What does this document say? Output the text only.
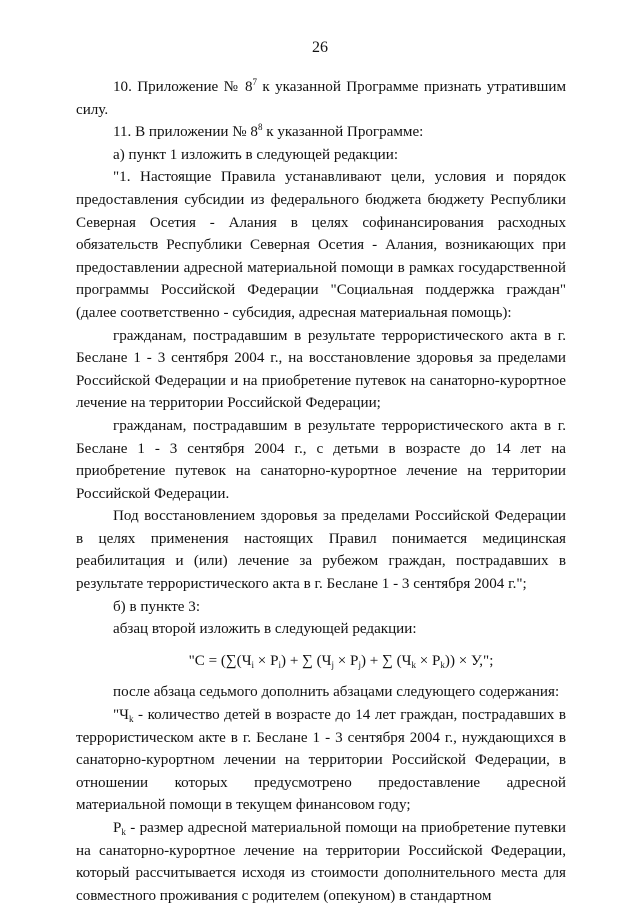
26

10. Приложение № $8^7$ к указанной Программе признать утратившим силу.

11. В приложении № $8^8$ к указанной Программе:

а) пункт 1 изложить в следующей редакции:

"1. Настоящие Правила устанавливают цели, условия и порядок предоставления субсидии из федерального бюджета бюджету Республики Северная Осетия - Алания в целях софинансирования расходных обязательств Республики Северная Осетия - Алания, возникающих при предоставлении адресной материальной помощи в рамках государственной программы Российской Федерации "Социальная поддержка граждан" (далее соответственно - субсидия, адресная материальная помощь):

гражданам, пострадавшим в результате террористического акта в г. Беслане 1 - 3 сентября 2004 г., на восстановление здоровья за пределами Российской Федерации и на приобретение путевок на санаторно-курортное лечение на территории Российской Федерации;

гражданам, пострадавшим в результате террористического акта в г. Беслане 1 - 3 сентября 2004 г., с детьми в возрасте до 14 лет на приобретение путевок на санаторно-курортное лечение на территории Российской Федерации.

Под восстановлением здоровья за пределами Российской Федерации в целях применения настоящих Правил понимается медицинская реабилитация и (или) лечение за рубежом граждан, пострадавших в результате террористического акта в г. Беслане 1 - 3 сентября 2004 г.";

б) в пункте 3:

абзац второй изложить в следующей редакции:

"$С = (\sum(Ч_i \times Р_i)$ + ∑ $(Ч_j \times Р_j)$ + ∑ $(Ч_k \times Р_k)) \times У$,";

после абзаца седьмого дополнить абзацами следующего содержания:

"$Ч_k$ - количество детей в возрасте до 14 лет граждан, пострадавших в террористическом акте в г. Беслане 1 - 3 сентября 2004 г., нуждающихся в санаторно-курортном лечении на территории Российской Федерации, в отношении которых предусмотрено предоставление адресной материальной помощи в текущем финансовом году;

$Р_k$ - размер адресной материальной помощи на приобретение путевки на санаторно-курортное лечение на территории Российской Федерации, который рассчитывается исходя из стоимости дополнительного места для совместного проживания с родителем (опекуном) в стандартном
